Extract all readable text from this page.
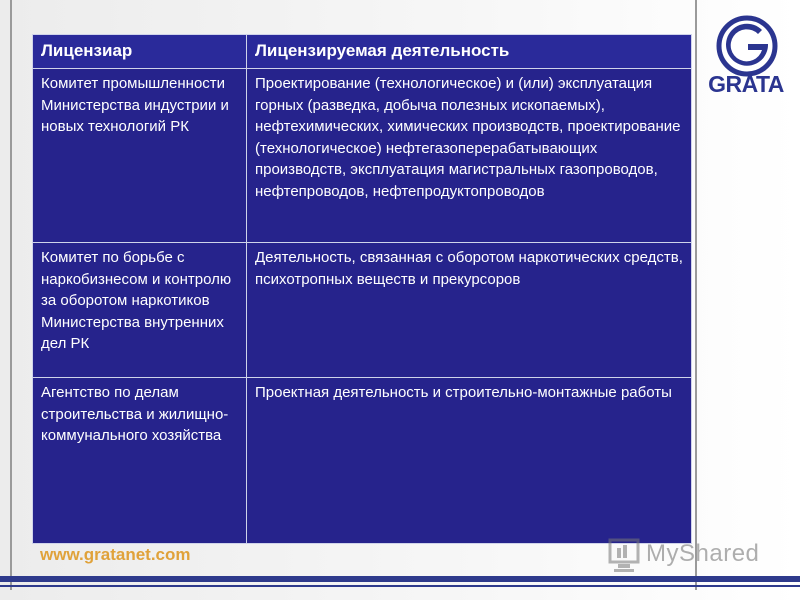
Лицензиар	Лицензируемая деятельность
Комитет промышленности Министерства индустрии и новых технологий РК	Проектирование (технологическое) и (или) эксплуатация горных (разведка, добыча полезных ископаемых), нефтехимических, химических производств, проектирование (технологическое) нефтегазоперерабатывающих производств, эксплуатация магистральных газопроводов, нефтепроводов, нефтепродуктопроводов
Комитет по борьбе с наркобизнесом и контролю за оборотом наркотиков Министерства внутренних дел РК	Деятельность, связанная с оборотом наркотических средств, психотропных веществ и прекурсоров
Агентство по делам строительства и жилищно-коммунального хозяйства	Проектная деятельность и строительно-монтажные работы
GRATA
www.gratanet.com	MyShared
